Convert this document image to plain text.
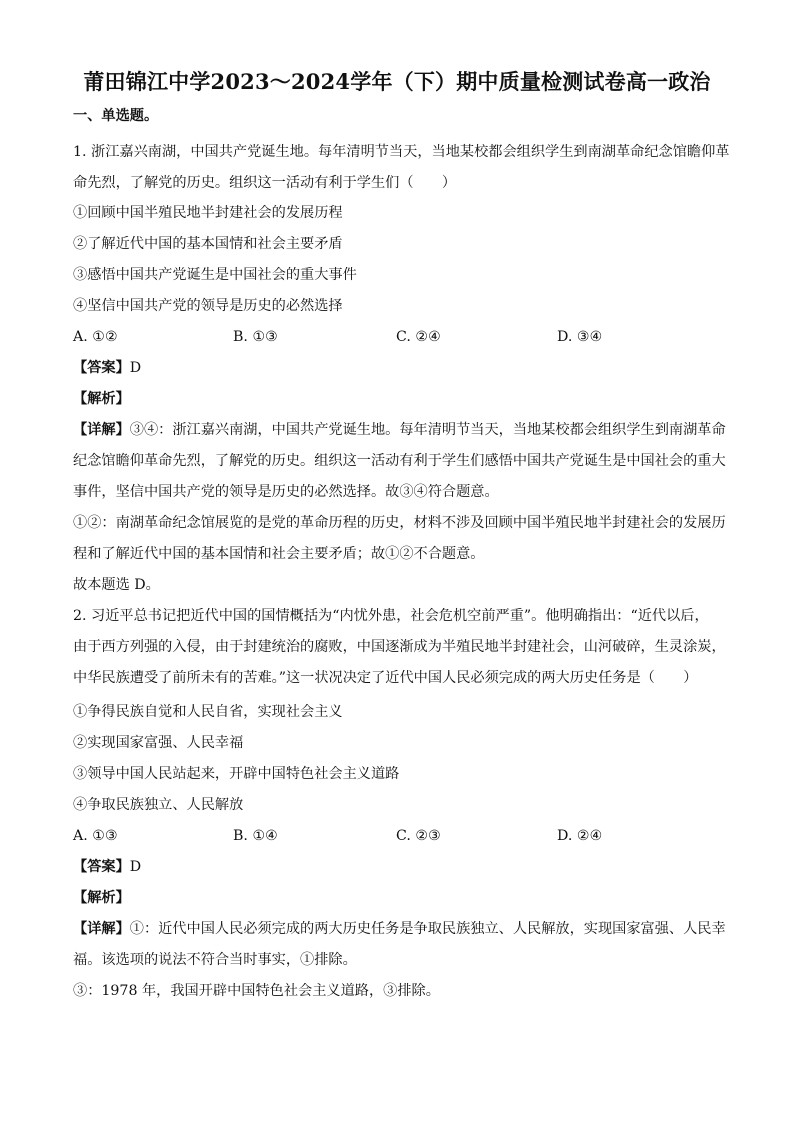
莆田锦江中学2023～2024学年（下）期中质量检测试卷高一政治
一、单选题。
1. 浙江嘉兴南湖，中国共产党诞生地。每年清明节当天，当地某校都会组织学生到南湖革命纪念馆瞻仰革
命先烈，了解党的历史。组织这一活动有利于学生们（　　）
①回顾中国半殖民地半封建社会的发展历程
②了解近代中国的基本国情和社会主要矛盾
③感悟中国共产党诞生是中国社会的重大事件
④坚信中国共产党的领导是历史的必然选择
A. ①②	B. ①③	C. ②④	D. ③④
【答案】D
【解析】
【详解】③④：浙江嘉兴南湖，中国共产党诞生地。每年清明节当天，当地某校都会组织学生到南湖革命
纪念馆瞻仰革命先烈，了解党的历史。组织这一活动有利于学生们感悟中国共产党诞生是中国社会的重大
事件，坚信中国共产党的领导是历史的必然选择。故③④符合题意。
①②：南湖革命纪念馆展览的是党的革命历程的历史，材料不涉及回顾中国半殖民地半封建社会的发展历
程和了解近代中国的基本国情和社会主要矛盾；故①②不合题意。
故本题选 D。
2. 习近平总书记把近代中国的国情概括为“内忧外患，社会危机空前严重”。他明确指出：“近代以后，
由于西方列强的入侵，由于封建统治的腐败，中国逐渐成为半殖民地半封建社会，山河破碎，生灵涂炭，
中华民族遭受了前所未有的苦难。”这一状况决定了近代中国人民必须完成的两大历史任务是（　　）
①争得民族自觉和人民自省，实现社会主义
②实现国家富强、人民幸福
③领导中国人民站起来，开辟中国特色社会主义道路
④争取民族独立、人民解放
A. ①③	B. ①④	C. ②③	D. ②④
【答案】D
【解析】
【详解】①：近代中国人民必须完成的两大历史任务是争取民族独立、人民解放，实现国家富强、人民幸
福。该选项的说法不符合当时事实，①排除。
③：1978 年，我国开辟中国特色社会主义道路，③排除。
